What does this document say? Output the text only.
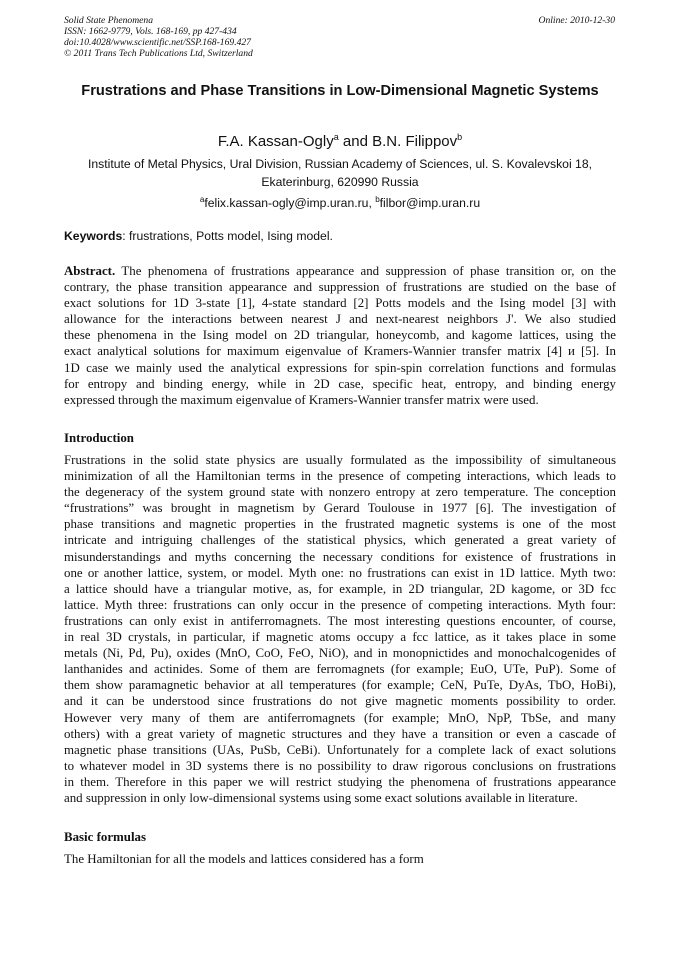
Solid State Phenomena
ISSN: 1662-9779, Vols. 168-169, pp 427-434
doi:10.4028/www.scientific.net/SSP.168-169.427
© 2011 Trans Tech Publications Ltd, Switzerland
Online: 2010-12-30
Frustrations and Phase Transitions in Low-Dimensional Magnetic Systems
F.A. Kassan-Ogly$^a$ and B.N. Filippov$^b$
Institute of Metal Physics, Ural Division, Russian Academy of Sciences, ul. S. Kovalevskoi 18, Ekaterinburg, 620990 Russia
$^a$felix.kassan-ogly@imp.uran.ru, $^b$filbor@imp.uran.ru
Keywords: frustrations, Potts model, Ising model.
Abstract. The phenomena of frustrations appearance and suppression of phase transition or, on the
contrary, the phase transition appearance and suppression of frustrations are studied on the base of
exact solutions for 1D 3-state [1], 4-state standard [2] Potts models and the Ising model [3] with
allowance for the interactions between nearest J and next-nearest neighbors J'. We also studied
these phenomena in the Ising model on 2D triangular, honeycomb, and kagome lattices, using the
exact analytical solutions for maximum eigenvalue of Kramers-Wannier transfer matrix [4] и [5]. In
1D case we mainly used the analytical expressions for spin-spin correlation functions and formulas
for entropy and binding energy, while in 2D case, specific heat, entropy, and binding energy
expressed through the maximum eigenvalue of Kramers-Wannier transfer matrix were used.
Introduction
Frustrations in the solid state physics are usually formulated as the impossibility of simultaneous
minimization of all the Hamiltonian terms in the presence of competing interactions, which leads to
the degeneracy of the system ground state with nonzero entropy at zero temperature. The conception
“frustrations” was brought in magnetism by Gerard Toulouse in 1977 [6]. The investigation of
phase transitions and magnetic properties in the frustrated magnetic systems is one of the most
intricate and intriguing challenges of the statistical physics, which generated a great variety of
misunderstandings and myths concerning the necessary conditions for existence of frustrations in
one or another lattice, system, or model. Myth one: no frustrations can exist in 1D lattice. Myth two:
a lattice should have a triangular motive, as, for example, in 2D triangular, 2D kagome, or 3D fcc
lattice. Myth three: frustrations can only occur in the presence of competing interactions. Myth four:
frustrations can only exist in antiferromagnets. The most interesting questions encounter, of course,
in real 3D crystals, in particular, if magnetic atoms occupy a fcc lattice, as it takes place in some
metals (Ni, Pd, Pu), oxides (MnO, CoO, FeO, NiO), and in monopnictides and monochalcogenides of
lanthanides and actinides. Some of them are ferromagnets (for example; EuO, UTe, PuP). Some of
them show paramagnetic behavior at all temperatures (for example; CeN, PuTe, DyAs, TbO, HoBi),
and it can be understood since frustrations do not give magnetic moments possibility to order.
However very many of them are antiferromagnets (for example; MnO, NpP, TbSe, and many
others) with a great variety of magnetic structures and they have a transition or even a cascade of
magnetic phase transitions (UAs, PuSb, CeBi). Unfortunately for a complete lack of exact solutions
to whatever model in 3D systems there is no possibility to draw rigorous conclusions on frustrations
in them. Therefore in this paper we will restrict studying the phenomena of frustrations appearance
and suppression in only low-dimensional systems using some exact solutions available in literature.
Basic formulas
The Hamiltonian for all the models and lattices considered has a form
